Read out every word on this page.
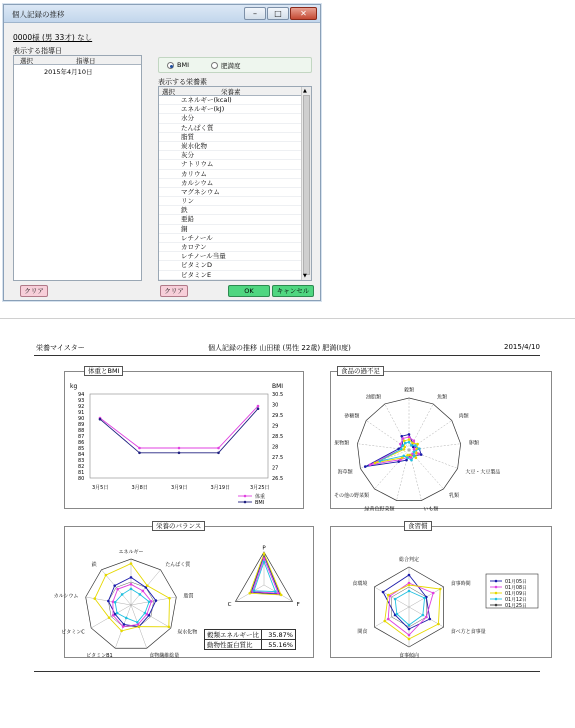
個人記録の推移	–	□	✕
0000様 (男 33才) なし
表示する指導日
選択	指導日
2015年4月10日
BMI	肥満度
表示する栄養素
選択	栄養素
エネルギー(kcal)
エネルギー(kJ)
水分
たんぱく質
脂質
炭水化物
灰分
ナトリウム
カリウム
カルシウム
マグネシウム
リン
鉄
亜鉛
銅
レチノール
カロテン
レチノール当量
ビタミンD
ビタミンE
▲
▼
クリア	クリア	OK	キャンセル
栄養マイスター	個人記録の推移 山田様 (男性 22歳) 肥満(I度)	2015/4/10
体重とBMI	食品の過不足
栄養のバランス	食習慣
kg	BMI
94
93
92
91
90
89
88
87
86
85
84
83
82
81
80
30.5
30
29.5
29
28.5
28
27.5
27
26.5
3月5日	3月8日	3月9日	3月19日	3月25日
体重
BMI
穀類
魚類
肉類
卵類
大豆・大豆製品
乳類
いも類
緑黄色野菜類
その他の野菜類
海草類
果物類
砂糖類
油脂類
エネルギー
たんぱく質
脂質
炭水化物
食物繊維総量
ビタミンB1
ビタミンC
カルシウム
鉄
P
F
C
総合判定
食事時間
食べ方と食事量
食事傾向
間食
食環境	01月05日
01月08日
01月09日
01月12日
01月25日
穀類エネルギー比	35.87%
動物性蛋白質比	55.16%
